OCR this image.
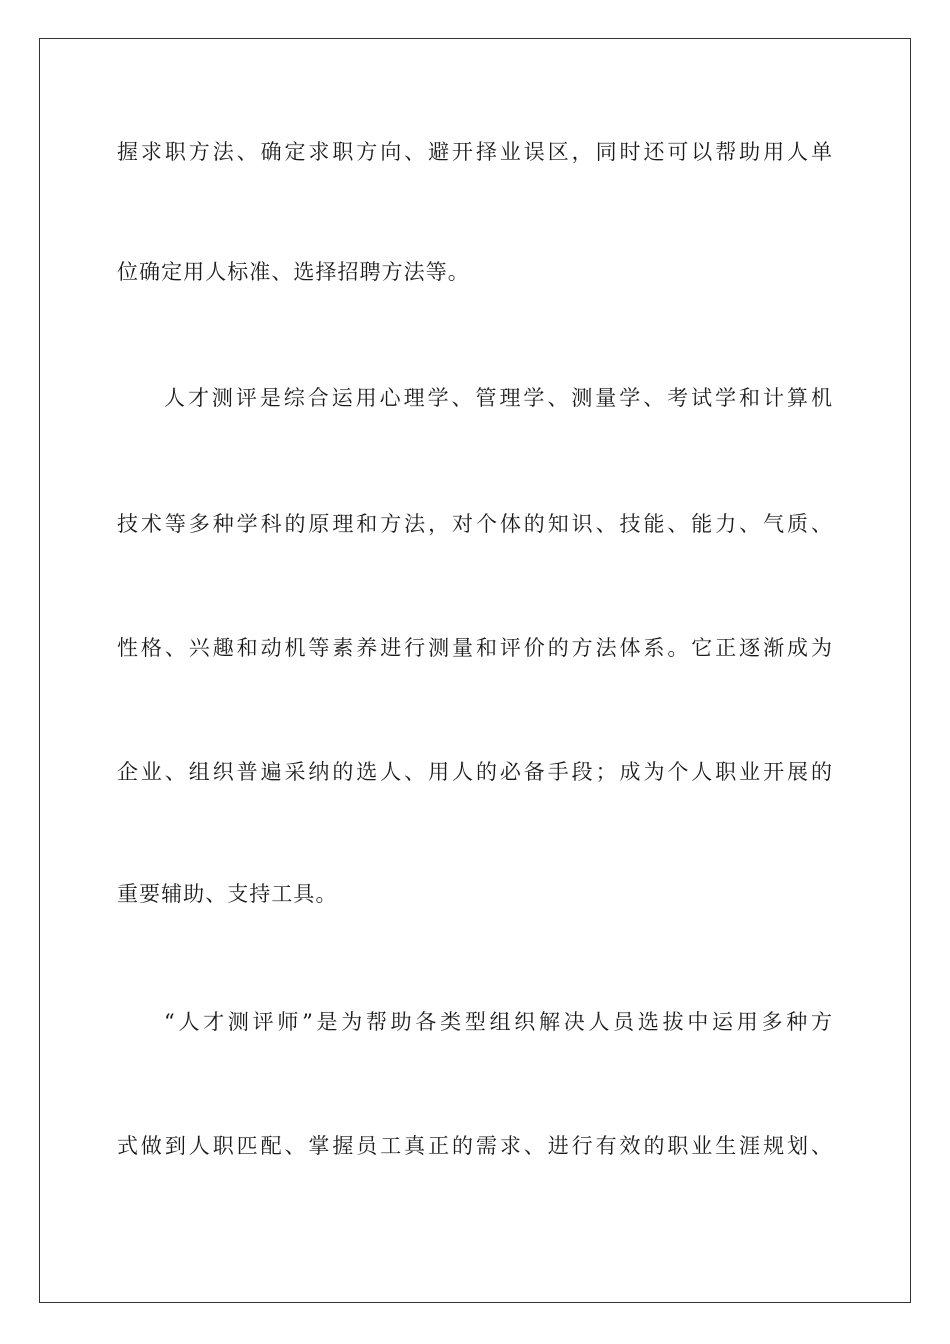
握求职方法、确定求职方向、避开择业误区，同时还可以帮助用人单
位确定用人标准、选择招聘方法等。
人才测评是综合运用心理学、管理学、测量学、考试学和计算机
技术等多种学科的原理和方法，对个体的知识、技能、能力、气质、
性格、兴趣和动机等素养进行测量和评价的方法体系。它正逐渐成为
企业、组织普遍采纳的选人、用人的必备手段；成为个人职业开展的
重要辅助、支持工具。
“人才测评师”是为帮助各类型组织解决人员选拔中运用多种方
式做到人职匹配、掌握员工真正的需求、进行有效的职业生涯规划、
